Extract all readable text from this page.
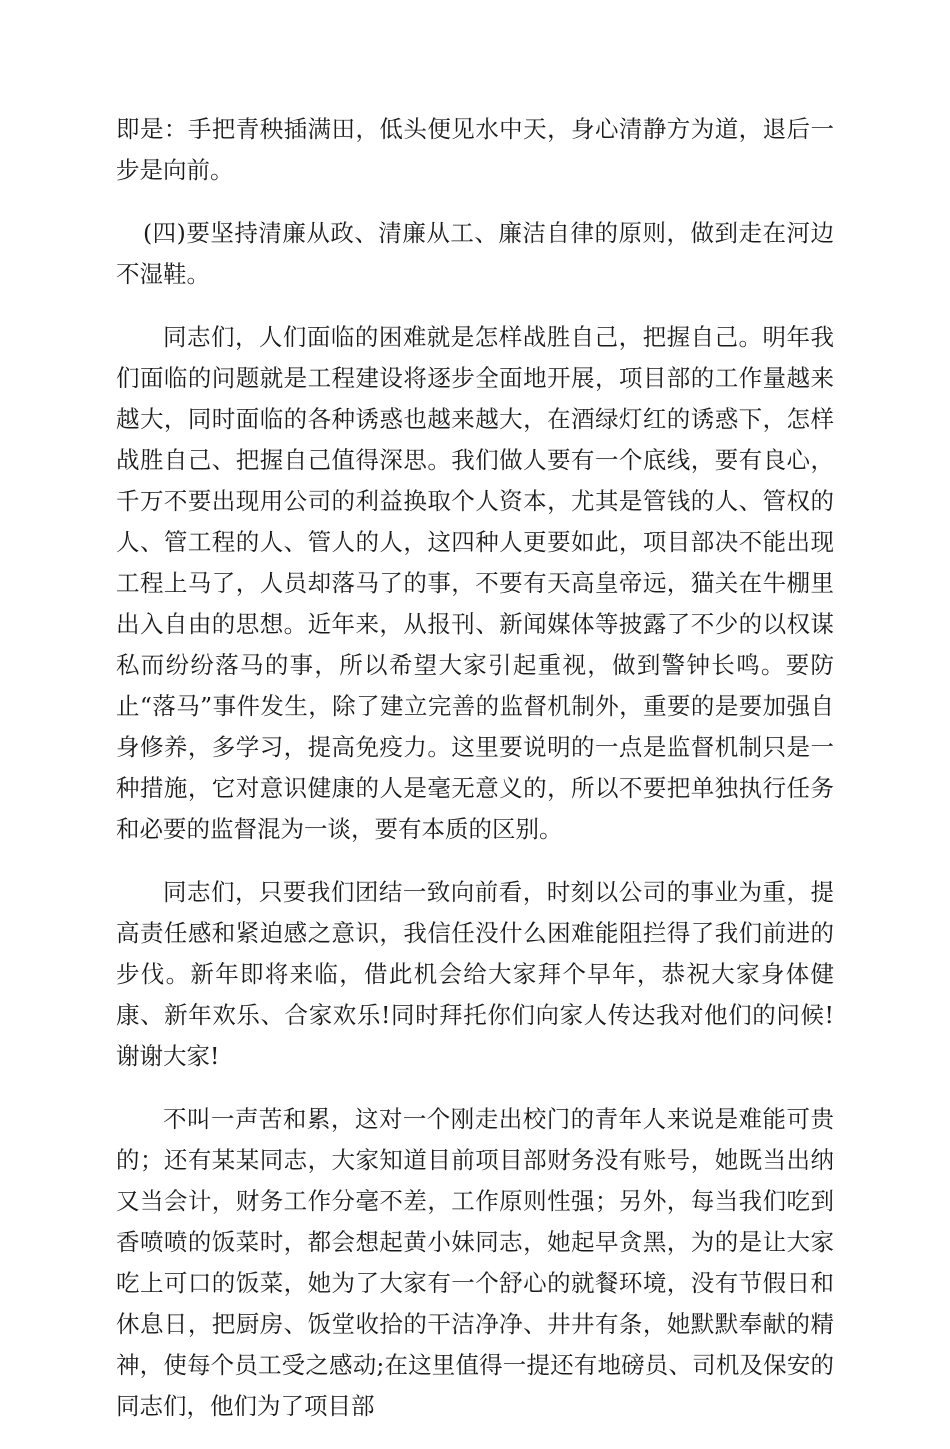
即是：手把青秧插满田，低头便见水中天，身心清静方为道，退后一步是向前。

(四)要坚持清廉从政、清廉从工、廉洁自律的原则，做到走在河边不湿鞋。

同志们，人们面临的困难就是怎样战胜自己，把握自己。明年我们面临的问题就是工程建设将逐步全面地开展，项目部的工作量越来越大，同时面临的各种诱惑也越来越大，在酒绿灯红的诱惑下，怎样战胜自己、把握自己值得深思。我们做人要有一个底线，要有良心，千万不要出现用公司的利益换取个人资本，尤其是管钱的人、管权的人、管工程的人、管人的人，这四种人更要如此，项目部决不能出现工程上马了，人员却落马了的事，不要有天高皇帝远，猫关在牛棚里出入自由的思想。近年来，从报刊、新闻媒体等披露了不少的以权谋私而纷纷落马的事，所以希望大家引起重视，做到警钟长鸣。要防止“落马”事件发生，除了建立完善的监督机制外，重要的是要加强自身修养，多学习，提高免疫力。这里要说明的一点是监督机制只是一种措施，它对意识健康的人是毫无意义的，所以不要把单独执行任务和必要的监督混为一谈，要有本质的区别。

同志们，只要我们团结一致向前看，时刻以公司的事业为重，提高责任感和紧迫感之意识，我信任没什么困难能阻拦得了我们前进的步伐。新年即将来临，借此机会给大家拜个早年，恭祝大家身体健康、新年欢乐、合家欢乐!同时拜托你们向家人传达我对他们的问候!谢谢大家!

不叫一声苦和累，这对一个刚走出校门的青年人来说是难能可贵的；还有某某同志，大家知道目前项目部财务没有账号，她既当出纳又当会计，财务工作分毫不差，工作原则性强；另外，每当我们吃到香喷喷的饭菜时，都会想起黄小妹同志，她起早贪黑，为的是让大家吃上可口的饭菜，她为了大家有一个舒心的就餐环境，没有节假日和休息日，把厨房、饭堂收拾的干洁净净、井井有条，她默默奉献的精神，使每个员工受之感动;在这里值得一提还有地磅员、司机及保安的同志们，他们为了项目部
